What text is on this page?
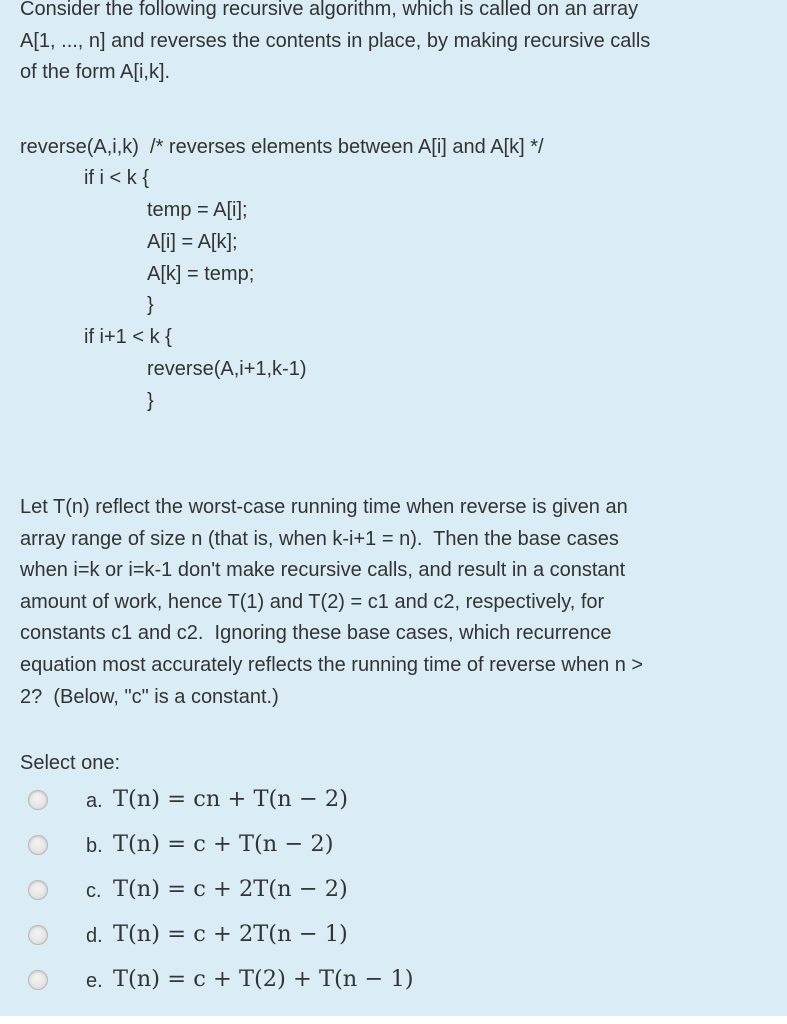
Consider the following recursive algorithm, which is called on an array

A[1, ..., n] and reverses the contents in place, by making recursive calls

of the form A[i,k].

reverse(A,i,k)  /* reverses elements between A[i] and A[k] */

if i < k {

temp = A[i];

A[i] = A[k];

A[k] = temp;

}

if i+1 < k {

reverse(A,i+1,k-1)

}

Let T(n) reflect the worst-case running time when reverse is given an

array range of size n (that is, when k-i+1 = n).  Then the base cases

when i=k or i=k-1 don't make recursive calls, and result in a constant

amount of work, hence T(1) and T(2) = c1 and c2, respectively, for

constants c1 and c2.  Ignoring these base cases, which recurrence

equation most accurately reflects the running time of reverse when n >

2?  (Below, "c" is a constant.)

Select one:

a. T(n) = cn + T(n − 2)
b. T(n) = c + T(n − 2)
c. T(n) = c + 2T(n − 2)
d. T(n) = c + 2T(n − 1)
e. T(n) = c + T(2) + T(n − 1)
